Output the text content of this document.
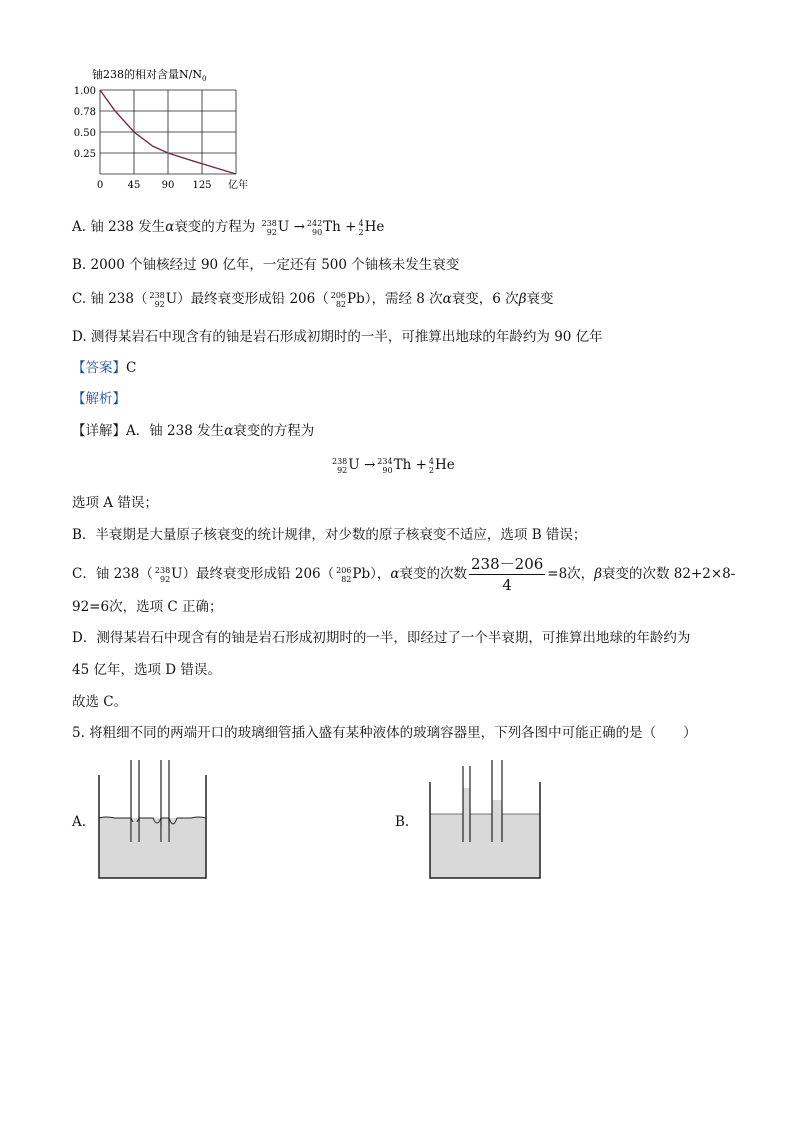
铀238的相对含量$N/N_0$
1.00
0.78
0.50
0.25
0 45 90 125 亿年
A. 铀 238 发生α衰变的方程为 238
92 U → 242
90 Th + 4
2 He
B. 2000 个铀核经过 90 亿年，一定还有 500 个铀核未发生衰变
C. 铀 238（ 238
92 U）最终衰变形成铅 206（ 206
82 Pb），需经 8 次α衰变，6 次β衰变
D. 测得某岩石中现含有的铀是岩石形成初期时的一半，可推算出地球的年龄约为 90 亿年
【答案】C
【解析】
【详解】A．铀 238 发生α衰变的方程为
238
92 U → 234
90 Th + 4
2 He
选项 A 错误；
B．半衰期是大量原子核衰变的统计规律，对少数的原子核衰变不适应，选项 B 错误；
C．铀 238（ 238
92 U）最终衰变形成铅 206（ 206
82 Pb），α衰变的次数 $\frac{238-206}{4} =8$次，β衰变的次数 82+2×8-
92=6次，选项 C 正确；
D．测得某岩石中现含有的铀是岩石形成初期时的一半，即经过了一个半衰期，可推算出地球的年龄约为
45 亿年，选项 D 错误。
故选 C。
5. 将粗细不同的两端开口的玻璃细管插入盛有某种液体的玻璃容器里，下列各图中可能正确的是（　　）
A.	B.
